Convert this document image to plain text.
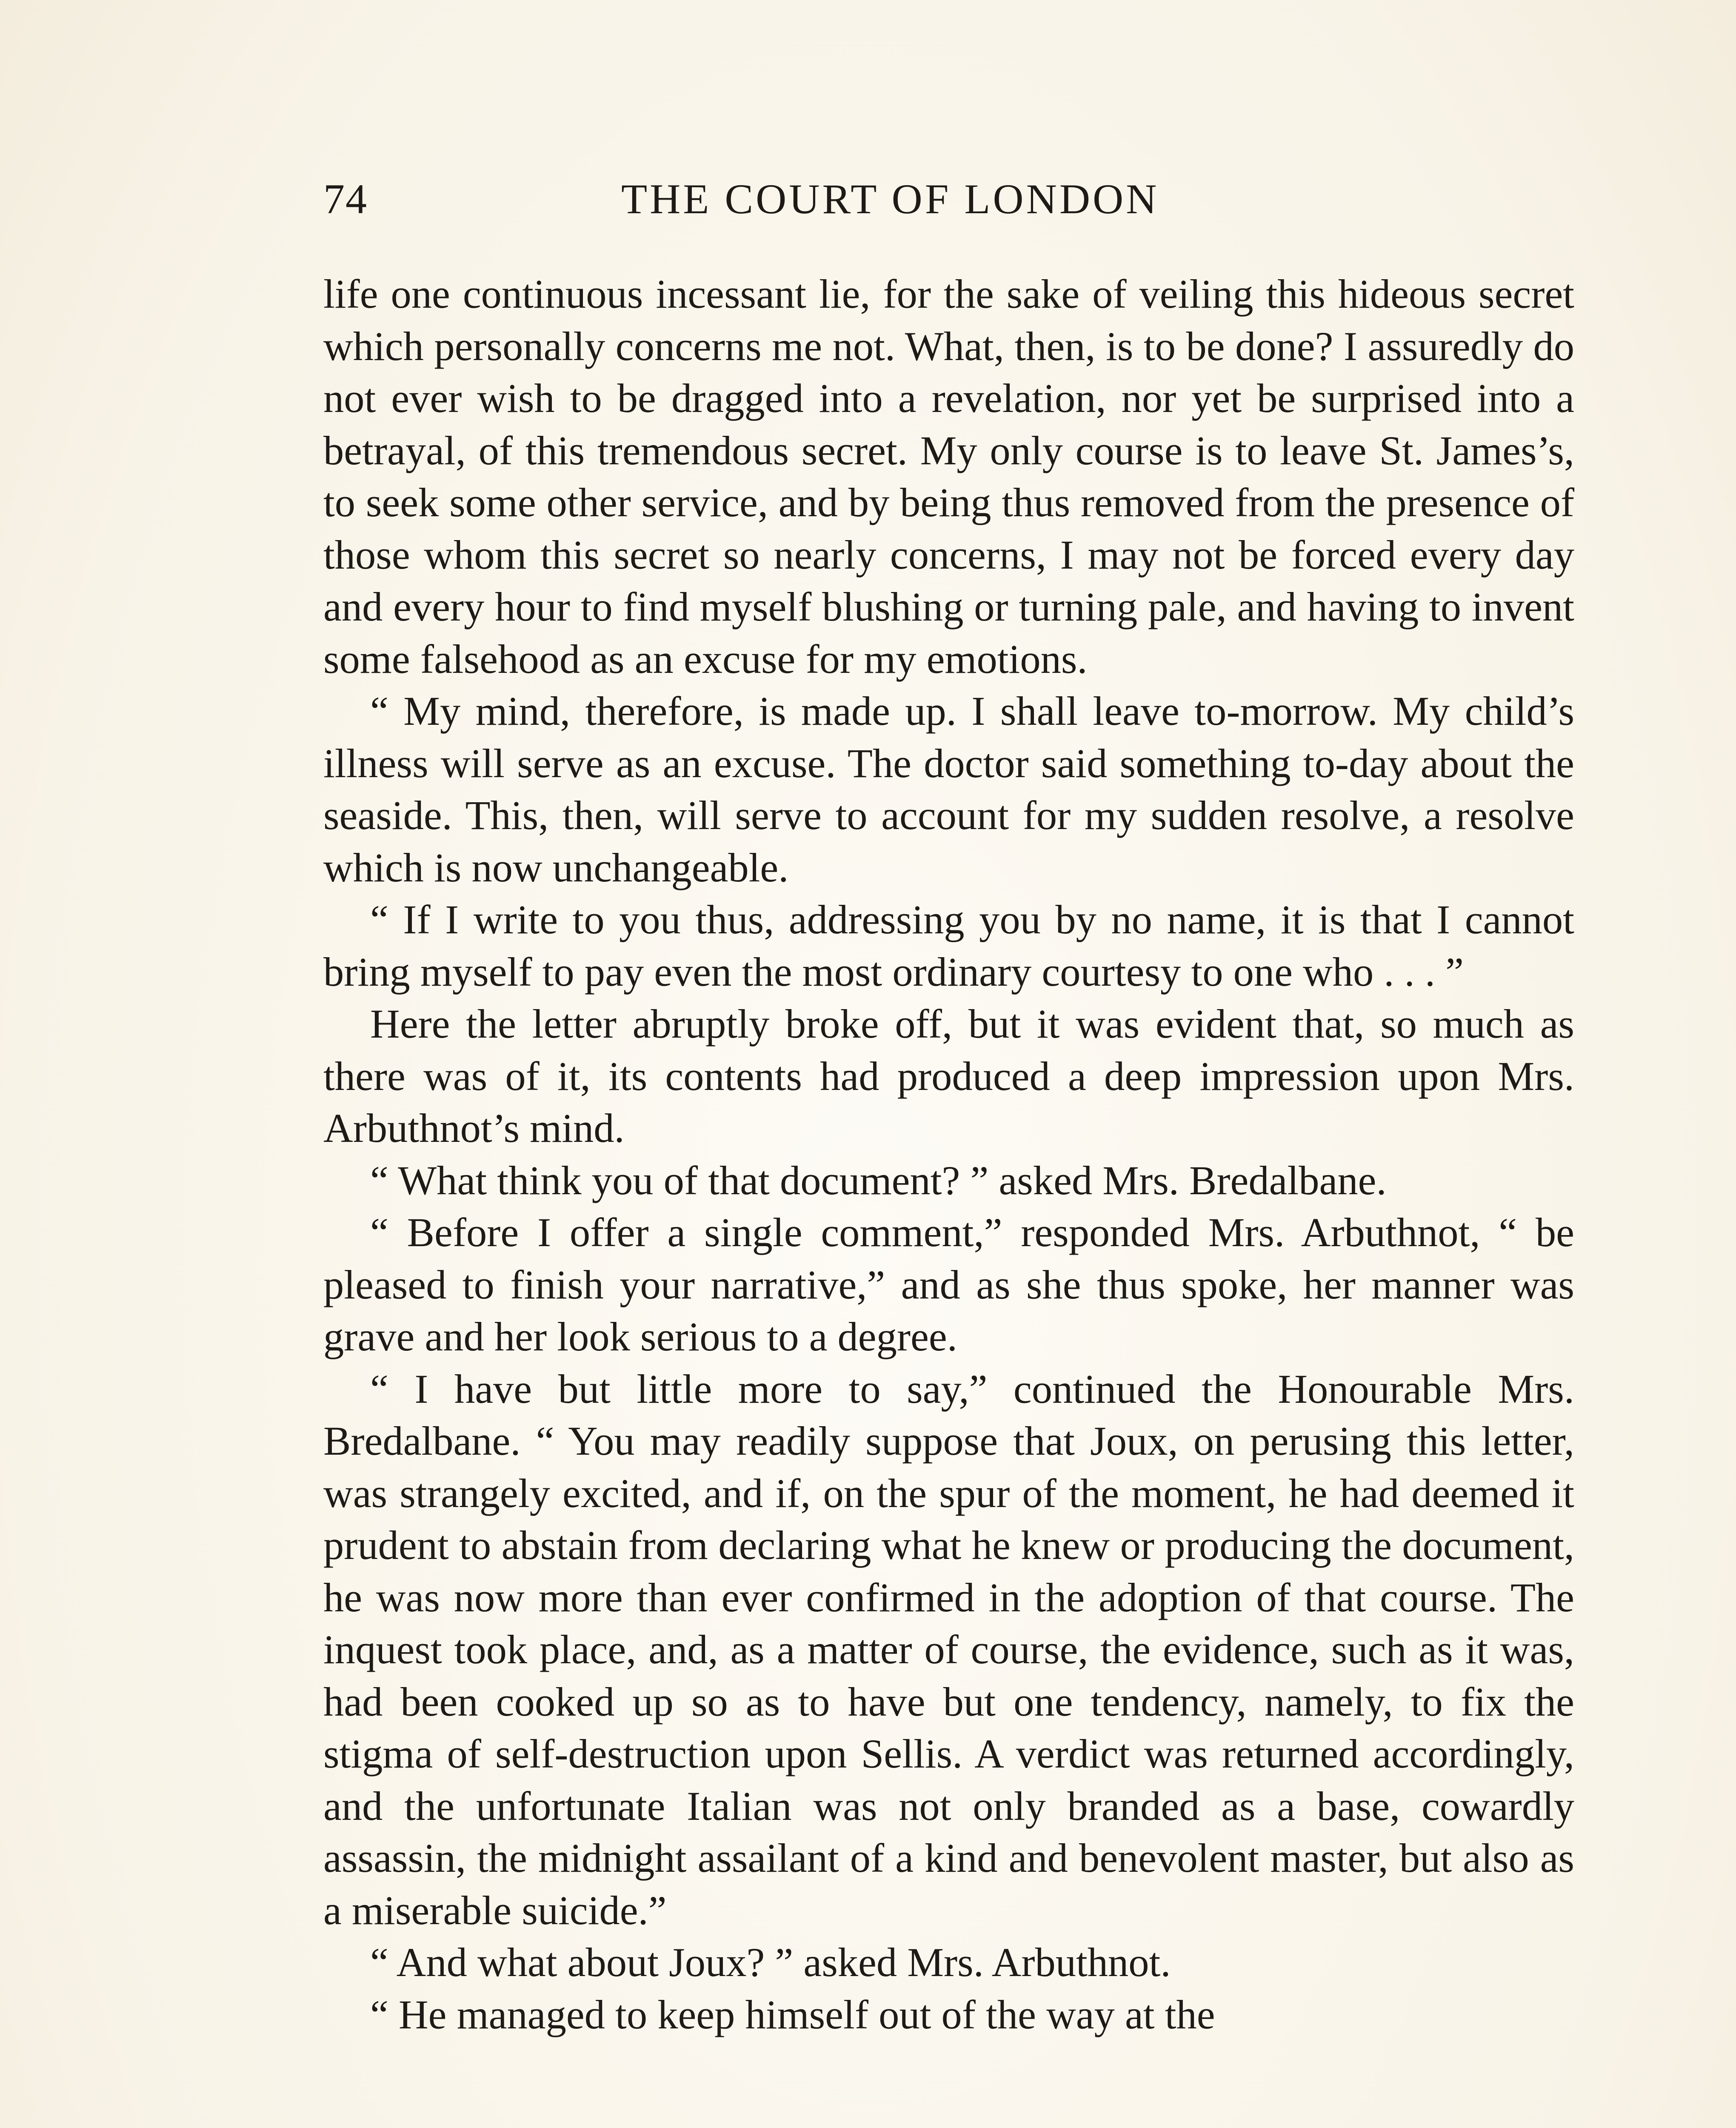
74	THE COURT OF LONDON

life one continuous incessant lie, for the sake of veiling this hideous secret which personally concerns me not. What, then, is to be done? I assuredly do not ever wish to be dragged into a revelation, nor yet be surprised into a betrayal, of this tremendous secret. My only course is to leave St. James’s, to seek some other service, and by being thus removed from the presence of those whom this secret so nearly concerns, I may not be forced every day and every hour to find myself blushing or turning pale, and having to invent some falsehood as an excuse for my emotions.

“ My mind, therefore, is made up. I shall leave to-morrow. My child’s illness will serve as an excuse. The doctor said something to-day about the seaside. This, then, will serve to account for my sudden resolve, a resolve which is now unchangeable.

“ If I write to you thus, addressing you by no name, it is that I cannot bring myself to pay even the most ordinary courtesy to one who . . . ”

Here the letter abruptly broke off, but it was evident that, so much as there was of it, its contents had produced a deep impression upon Mrs. Arbuthnot’s mind.

“ What think you of that document? ” asked Mrs. Bredalbane.

“ Before I offer a single comment,” responded Mrs. Arbuthnot, “ be pleased to finish your narrative,” and as she thus spoke, her manner was grave and her look serious to a degree.

“ I have but little more to say,” continued the Honourable Mrs. Bredalbane. “ You may readily suppose that Joux, on perusing this letter, was strangely excited, and if, on the spur of the moment, he had deemed it prudent to abstain from declaring what he knew or producing the document, he was now more than ever confirmed in the adoption of that course. The inquest took place, and, as a matter of course, the evidence, such as it was, had been cooked up so as to have but one tendency, namely, to fix the stigma of self-destruction upon Sellis. A verdict was returned accordingly, and the unfortunate Italian was not only branded as a base, cowardly assassin, the midnight assailant of a kind and benevolent master, but also as a miserable suicide.”

“ And what about Joux? ” asked Mrs. Arbuthnot.

“ He managed to keep himself out of the way at the
